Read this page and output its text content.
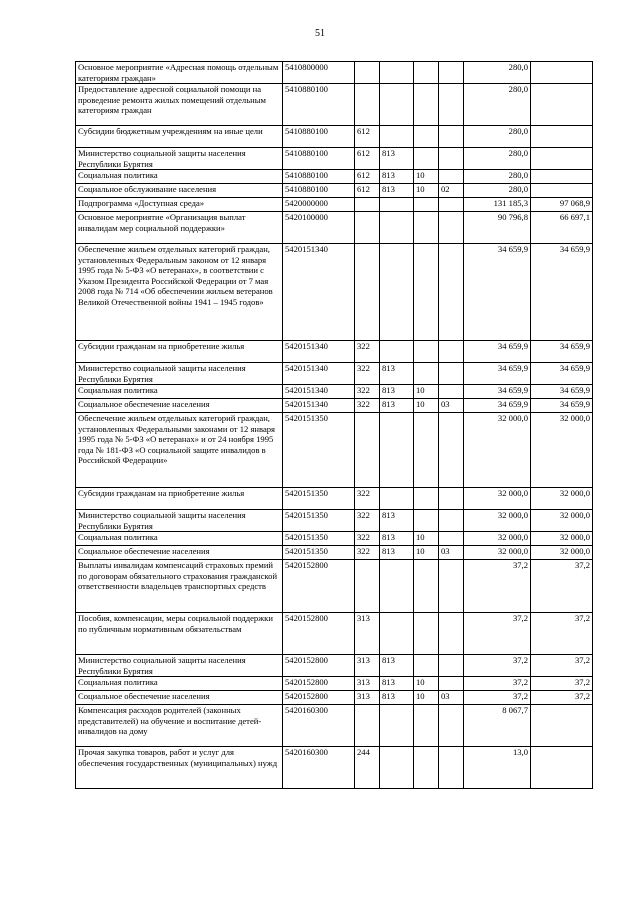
51
Основное мероприятие «Адресная помощь отдельным категориям граждан»	5410800000					280,0	
Предоставление адресной социальной помощи на проведение ремонта жилых помещений отдельным категориям граждан	5410880100					280,0	
Субсидии бюджетным учреждениям на иные цели	5410880100	612				280,0	
Министерство социальной защиты населения Республики Бурятия	5410880100	612	813			280,0	
Социальная политика	5410880100	612	813	10		280,0	
Социальное обслуживание населения	5410880100	612	813	10	02	280,0	
Подпрограмма «Доступная среда»	5420000000					131 185,3	97 068,9
Основное мероприятие «Организация выплат инвалидам мер социальной поддержки»	5420100000					90 796,8	66 697,1
Обеспечение жильем отдельных категорий граждан, установленных Федеральным законом от 12 января 1995 года № 5-ФЗ «О ветеранах», в соответствии с Указом Президента Российской Федерации от 7 мая 2008 года № 714 «Об обеспечении жильем ветеранов Великой Отечественной войны 1941 – 1945 годов»	5420151340					34 659,9	34 659,9
Субсидии гражданам на приобретение жилья	5420151340	322				34 659,9	34 659,9
Министерство социальной защиты населения Республики Бурятия	5420151340	322	813			34 659,9	34 659,9
Социальная политика	5420151340	322	813	10		34 659,9	34 659,9
Социальное обеспечение населения	5420151340	322	813	10	03	34 659,9	34 659,9
Обеспечение жильем отдельных категорий граждан, установленных Федеральными законами от 12 января 1995 года № 5-ФЗ «О ветеранах» и от 24 ноября 1995 года № 181-ФЗ «О социальной защите инвалидов в Российской Федерации»	5420151350					32 000,0	32 000,0
Субсидии гражданам на приобретение жилья	5420151350	322				32 000,0	32 000,0
Министерство социальной защиты населения Республики Бурятия	5420151350	322	813			32 000,0	32 000,0
Социальная политика	5420151350	322	813	10		32 000,0	32 000,0
Социальное обеспечение населения	5420151350	322	813	10	03	32 000,0	32 000,0
Выплаты инвалидам компенсаций страховых премий по договорам обязательного страхования гражданской ответственности владельцев транспортных средств	5420152800					37,2	37,2
Пособия, компенсации, меры социальной поддержки по публичным нормативным обязательствам	5420152800	313				37,2	37,2
Министерство социальной защиты населения Республики Бурятия	5420152800	313	813			37,2	37,2
Социальная политика	5420152800	313	813	10		37,2	37,2
Социальное обеспечение населения	5420152800	313	813	10	03	37,2	37,2
Компенсация расходов родителей (законных представителей) на обучение и воспитание детей-инвалидов на дому	5420160300					8 067,7	
Прочая закупка товаров, работ и услуг для обеспечения государственных (муниципальных) нужд	5420160300	244				13,0	
